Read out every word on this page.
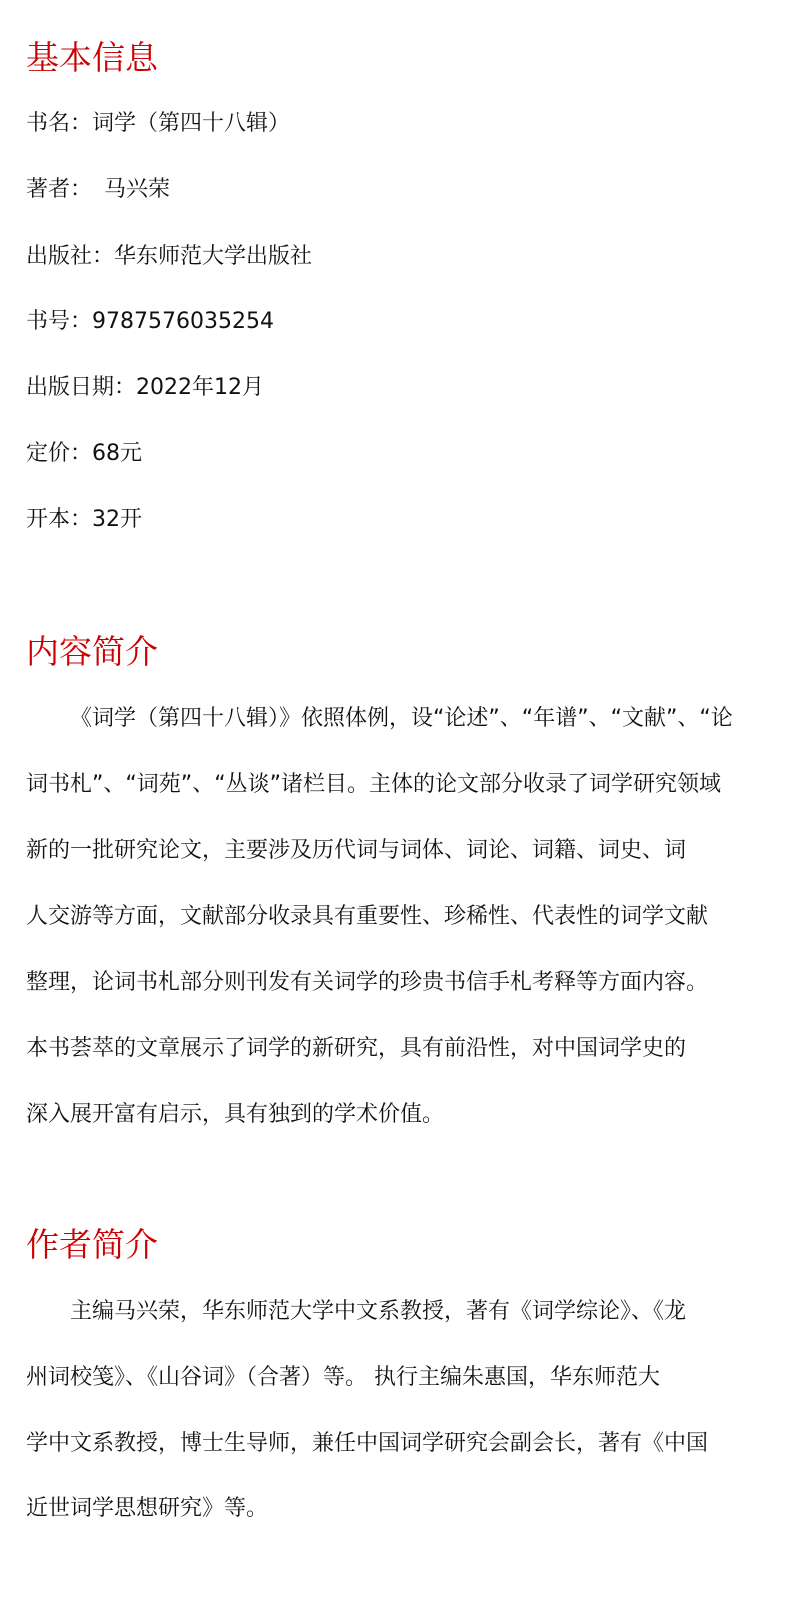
基本信息

书名：词学（第四十八辑）

著者： 马兴荣

出版社：华东师范大学出版社

书号：9787576035254

出版日期：2022年12月

定价：68元

开本：32开

内容简介

《词学（第四十八辑）》依照体例，设“论述”、“年谱”、“文献”、“论

词书札”、“词苑”、“丛谈”诸栏目。主体的论文部分收录了词学研究领域

新的一批研究论文，主要涉及历代词与词体、词论、词籍、词史、词

人交游等方面，文献部分收录具有重要性、珍稀性、代表性的词学文献

整理，论词书札部分则刊发有关词学的珍贵书信手札考释等方面内容。

本书荟萃的文章展示了词学的新研究，具有前沿性，对中国词学史的

深入展开富有启示，具有独到的学术价值。

作者简介

主编马兴荣，华东师范大学中文系教授，著有《词学综论》、《龙

州词校笺》、《山谷词》（合著）等。 执行主编朱惠国，华东师范大

学中文系教授，博士生导师，兼任中国词学研究会副会长，著有《中国

近世词学思想研究》等。
